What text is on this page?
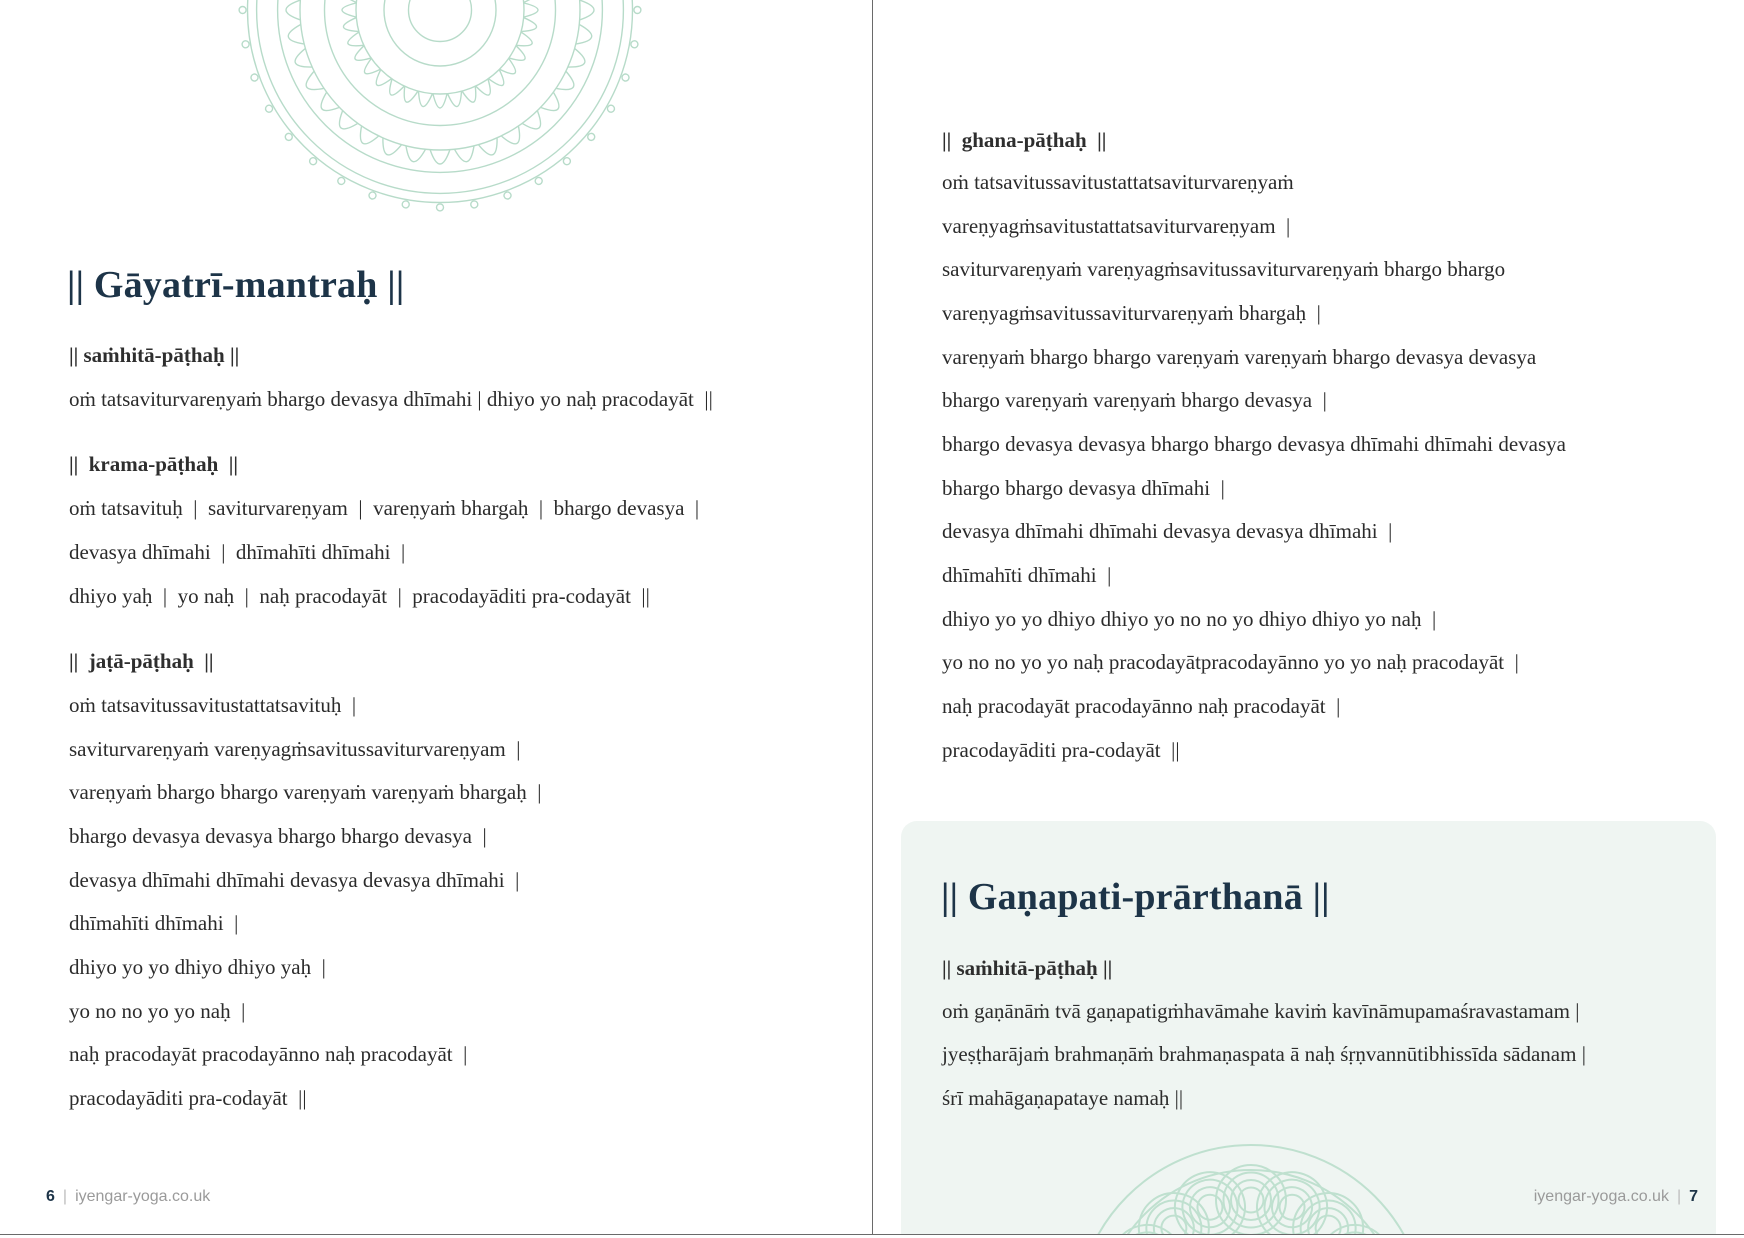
|| Gāyatrī-mantraḥ ||

|| saṁhitā-pāṭhaḥ ||

oṁ tatsaviturvareṇyaṁ bhargo devasya dhīmahi | dhiyo yo naḥ pracodayāt  ||

||  krama-pāṭhaḥ  ||

oṁ tatsavituḥ  |  saviturvareṇyam  |  vareṇyaṁ bhargaḥ  |  bhargo devasya  |

devasya dhīmahi  |  dhīmahīti dhīmahi  |

dhiyo yaḥ  |  yo naḥ  |  naḥ pracodayāt  |  pracodayāditi pra-codayāt  ||

||  jaṭā-pāṭhaḥ  ||

oṁ tatsavitussavitustattatsavituḥ  |

saviturvareṇyaṁ vareṇyagṁsavitussaviturvareṇyam  |

vareṇyaṁ bhargo bhargo vareṇyaṁ vareṇyaṁ bhargaḥ  |

bhargo devasya devasya bhargo bhargo devasya  |

devasya dhīmahi dhīmahi devasya devasya dhīmahi  |

dhīmahīti dhīmahi  |

dhiyo yo yo dhiyo dhiyo yaḥ  |

yo no no yo yo naḥ  |

naḥ pracodayāt pracodayānno naḥ pracodayāt  |

pracodayāditi pra-codayāt  ||

6 | iyengar-yoga.co.uk

||  ghana-pāṭhaḥ  ||

oṁ tatsavitussavitustattatsaviturvareṇyaṁ

vareṇyagṁsavitustattatsaviturvareṇyam  |

saviturvareṇyaṁ vareṇyagṁsavitussaviturvareṇyaṁ bhargo bhargo

vareṇyagṁsavitussaviturvareṇyaṁ bhargaḥ  |

vareṇyaṁ bhargo bhargo vareṇyaṁ vareṇyaṁ bhargo devasya devasya

bhargo vareṇyaṁ vareṇyaṁ bhargo devasya  |

bhargo devasya devasya bhargo bhargo devasya dhīmahi dhīmahi devasya

bhargo bhargo devasya dhīmahi  |

devasya dhīmahi dhīmahi devasya devasya dhīmahi  |

dhīmahīti dhīmahi  |

dhiyo yo yo dhiyo dhiyo yo no no yo dhiyo dhiyo yo naḥ  |

yo no no yo yo naḥ pracodayātpracodayānno yo yo naḥ pracodayāt  |

naḥ pracodayāt pracodayānno naḥ pracodayāt  |

pracodayāditi pra-codayāt  ||

|| Gaṇapati-prārthanā ||

|| saṁhitā-pāṭhaḥ ||

oṁ gaṇānāṁ tvā gaṇapatigṁhavāmahe kaviṁ kavīnāmupamaśravastamam |

jyeṣṭharājaṁ brahmaṇāṁ brahmaṇaspata ā naḥ śṛṇvannūtibhissīda sādanam |

śrī mahāgaṇapataye namaḥ ||

iyengar-yoga.co.uk | 7
